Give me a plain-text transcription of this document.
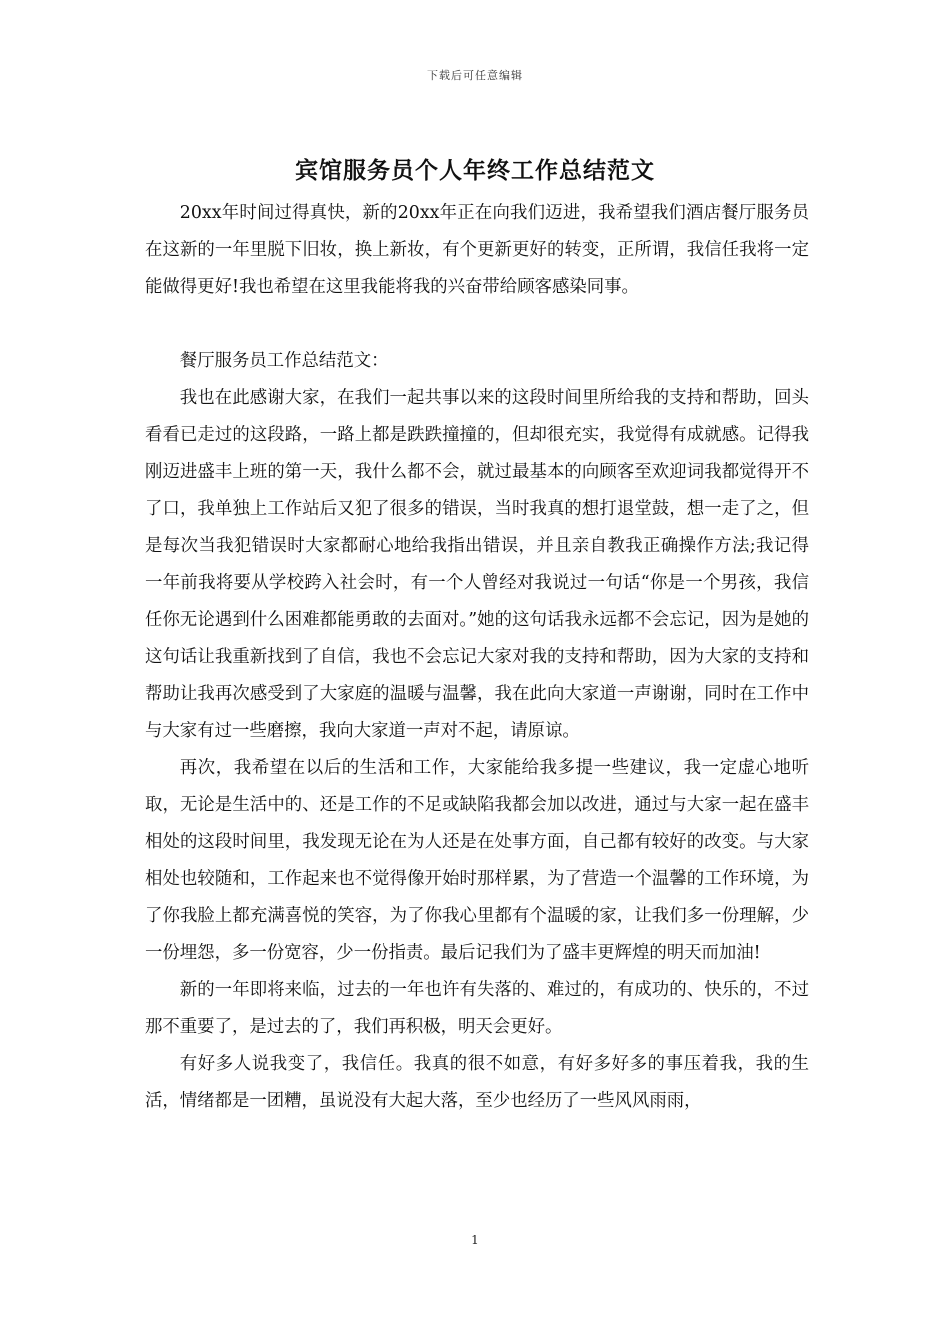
下载后可任意编辑
宾馆服务员个人年终工作总结范文

20xx年时间过得真快，新的20xx年正在向我们迈进，我希望我们酒店餐厅服务员在这新的一年里脱下旧妆，换上新妆，有个更新更好的转变，正所谓，我信任我将一定能做得更好!我也希望在这里我能将我的兴奋带给顾客感染同事。

餐厅服务员工作总结范文：

我也在此感谢大家，在我们一起共事以来的这段时间里所给我的支持和帮助，回头看看已走过的这段路，一路上都是跌跌撞撞的，但却很充实，我觉得有成就感。记得我刚迈进盛丰上班的第一天，我什么都不会，就过最基本的向顾客至欢迎词我都觉得开不了口，我单独上工作站后又犯了很多的错误，当时我真的想打退堂鼓，想一走了之，但是每次当我犯错误时大家都耐心地给我指出错误，并且亲自教我正确操作方法;我记得一年前我将要从学校跨入社会时，有一个人曾经对我说过一句话“你是一个男孩，我信任你无论遇到什么困难都能勇敢的去面对。”她的这句话我永远都不会忘记，因为是她的这句话让我重新找到了自信，我也不会忘记大家对我的支持和帮助，因为大家的支持和帮助让我再次感受到了大家庭的温暖与温馨，我在此向大家道一声谢谢，同时在工作中与大家有过一些磨擦，我向大家道一声对不起，请原谅。

再次，我希望在以后的生活和工作，大家能给我多提一些建议，我一定虚心地听取，无论是生活中的、还是工作的不足或缺陷我都会加以改进，通过与大家一起在盛丰相处的这段时间里，我发现无论在为人还是在处事方面，自己都有较好的改变。与大家相处也较随和，工作起来也不觉得像开始时那样累，为了营造一个温馨的工作环境，为了你我脸上都充满喜悦的笑容，为了你我心里都有个温暖的家，让我们多一份理解，少一份埋怨，多一份宽容，少一份指责。最后记我们为了盛丰更辉煌的明天而加油!

新的一年即将来临，过去的一年也许有失落的、难过的，有成功的、快乐的，不过那不重要了，是过去的了，我们再积极，明天会更好。

有好多人说我变了，我信任。我真的很不如意，有好多好多的事压着我，我的生活，情绪都是一团糟，虽说没有大起大落，至少也经历了一些风风雨雨，

1
